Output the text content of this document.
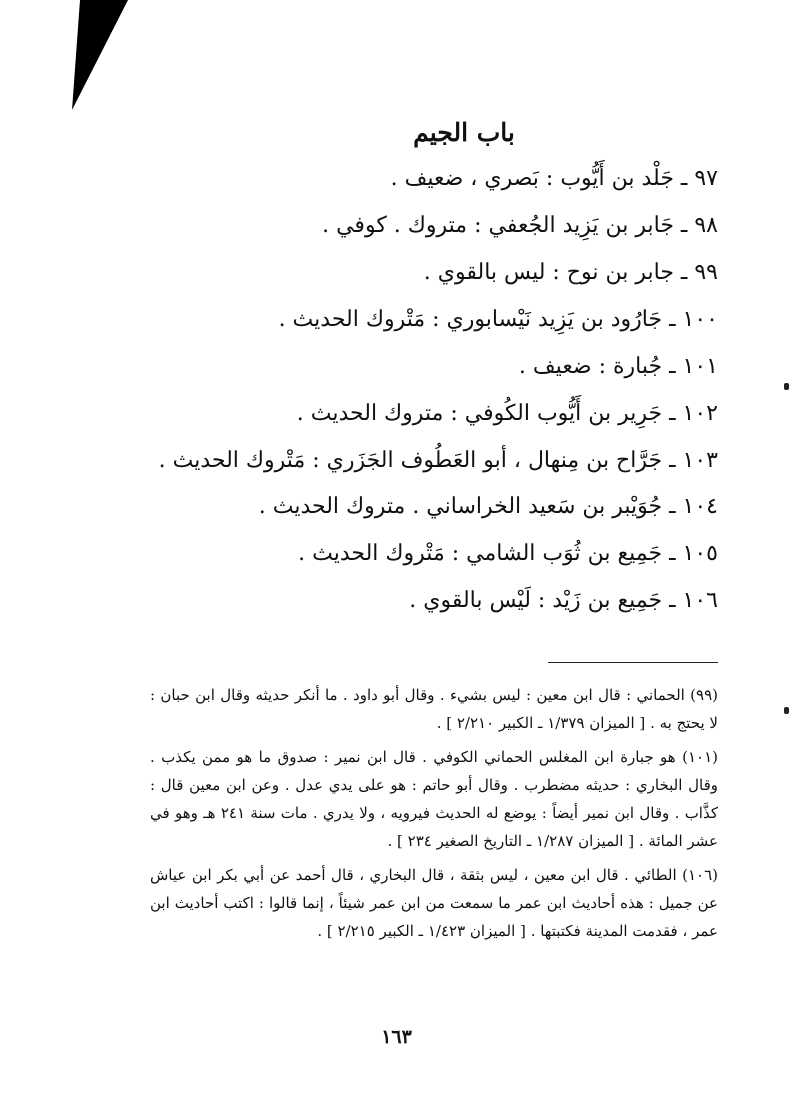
باب الجيم
٩٧ ـ جَلْد بن أَيُّوب : بَصري ، ضعيف .
٩٨ ـ جَابر بن يَزِيد الجُعفي : متروك . كوفي .
٩٩ ـ جابر بن نوح : ليس بالقوي .
١٠٠ ـ جَارُود بن يَزِيد نَيْسابوري : مَتْروك الحديث .
١٠١ ـ جُبارة : ضعيف .
١٠٢ ـ جَرِير بن أَيُّوب الكُوفي : متروك الحديث .
١٠٣ ـ جَرَّاح بن مِنهال ، أبو العَطُوف الجَزَري : مَتْروك الحديث .
١٠٤ ـ جُوَيْبر بن سَعيد الخراساني . متروك الحديث .
١٠٥ ـ جَمِيع بن ثُوَب الشامي : مَتْروك الحديث .
١٠٦ ـ جَمِيع بن زَيْد : لَيْس بالقوي .

(٩٩) الحماني : قال ابن معين : ليس بشيء . وقال أبو داود . ما أنكر حديثه وقال ابن حبان : لا يحتج به . [ الميزان ١/٣٧٩ ـ الكبير ٢/٢١٠ ] .

(١٠١) هو جبارة ابن المغلس الحماني الكوفي . قال ابن نمير : صدوق ما هو ممن يكذب . وقال البخاري : حديثه مضطرب . وقال أبو حاتم : هو على يدي عدل . وعن ابن معين قال : كذَّاب . وقال ابن نمير أيضاً : يوضع له الحديث فيرويه ، ولا يدري . مات سنة ٢٤١ هـ وهو في عشر المائة . [ الميزان ١/٢٨٧ ـ التاريخ الصغير ٢٣٤ ] .

(١٠٦) الطائي . قال ابن معين ، ليس بثقة ، قال البخاري ، قال أحمد عن أبي بكر ابن عياش عن جميل : هذه أحاديث ابن عمر ما سمعت من ابن عمر شيئاً ، إنما قالوا : اكتب أحاديث ابن عمر ، فقدمت المدينة فكتبتها . [ الميزان ١/٤٢٣ ـ الكبير ٢/٢١٥ ] .

١٦٣
